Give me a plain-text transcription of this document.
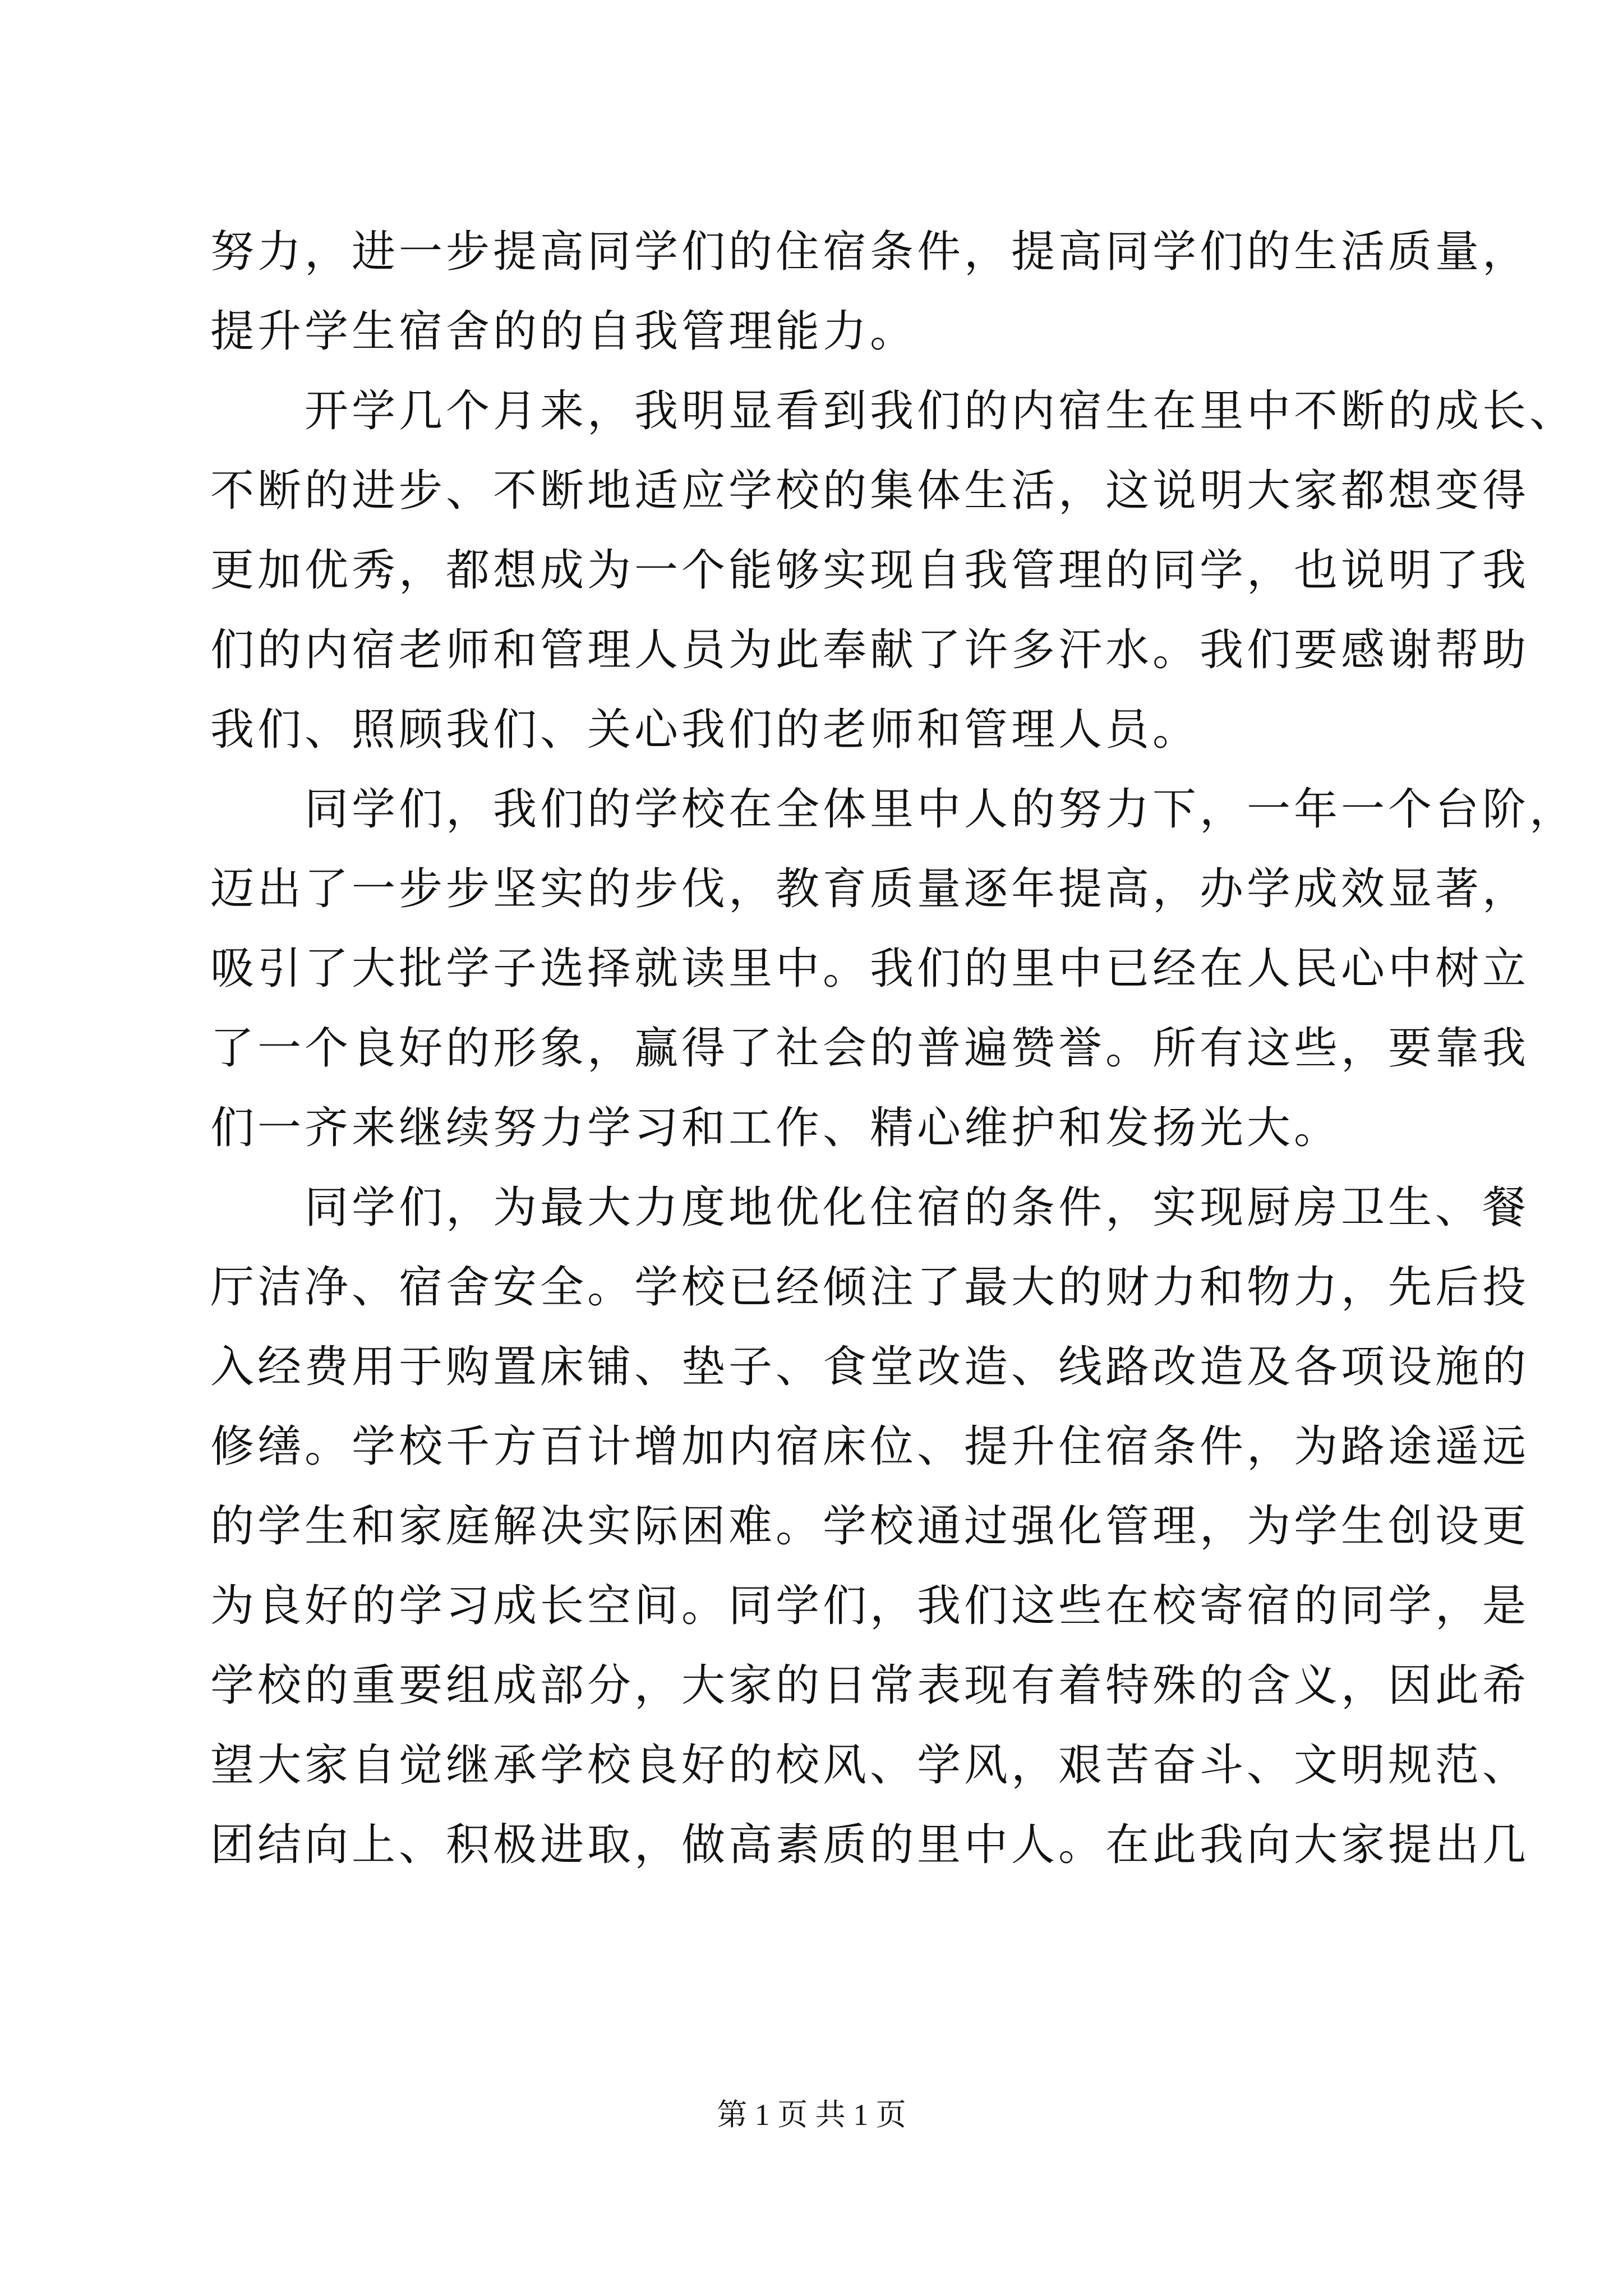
努力，进一步提高同学们的住宿条件，提高同学们的生活质量，
提升学生宿舍的的自我管理能力。
开学几个月来，我明显看到我们的内宿生在里中不断的成长、
不断的进步、不断地适应学校的集体生活，这说明大家都想变得
更加优秀，都想成为一个能够实现自我管理的同学，也说明了我
们的内宿老师和管理人员为此奉献了许多汗水。我们要感谢帮助
我们、照顾我们、关心我们的老师和管理人员。
同学们，我们的学校在全体里中人的努力下，一年一个台阶，
迈出了一步步坚实的步伐，教育质量逐年提高，办学成效显著，
吸引了大批学子选择就读里中。我们的里中已经在人民心中树立
了一个良好的形象，赢得了社会的普遍赞誉。所有这些，要靠我
们一齐来继续努力学习和工作、精心维护和发扬光大。
同学们，为最大力度地优化住宿的条件，实现厨房卫生、餐
厅洁净、宿舍安全。学校已经倾注了最大的财力和物力，先后投
入经费用于购置床铺、垫子、食堂改造、线路改造及各项设施的
修缮。学校千方百计增加内宿床位、提升住宿条件，为路途遥远
的学生和家庭解决实际困难。学校通过强化管理，为学生创设更
为良好的学习成长空间。同学们，我们这些在校寄宿的同学，是
学校的重要组成部分，大家的日常表现有着特殊的含义，因此希
望大家自觉继承学校良好的校风、学风，艰苦奋斗、文明规范、
团结向上、积极进取，做高素质的里中人。在此我向大家提出几
第 1 页 共 1 页
